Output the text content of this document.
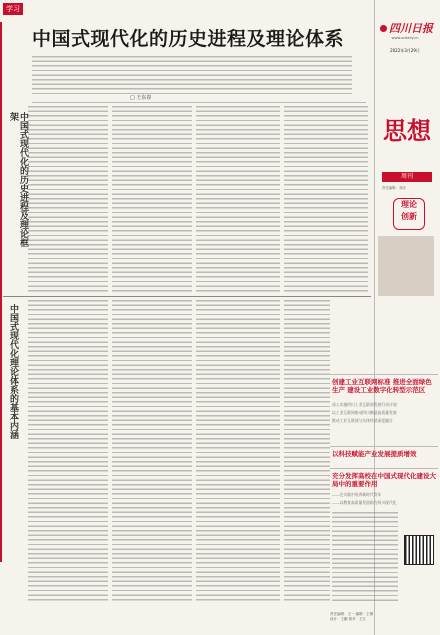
学习
中国式现代化的历史进程及理论体系
□ 王东春
中国式现代化的历史进程及理论框架
中国式现代化理论体系的基本内涵
四川日报
www.scdaily.cn
2022年3月29日
思想
周刊
责任编辑：刘庆
理论
创新
创建工业互联网标准 推进全面绿色生产 建设工业数字化转型示范区
深入实施四川工业互联网发展行动计划
以工业互联网推动四川制造高质量发展
推动工业互联网与实体经济深度融合
以科技赋能产业发展提质增效
充分发挥高校在中国式现代化建设大局中的重要作用
——在实践中培养新时代青年
——以教育高质量发展助力四川现代化
责任编辑：王一 编辑：王珊
设计：王鹏 校对：王江
